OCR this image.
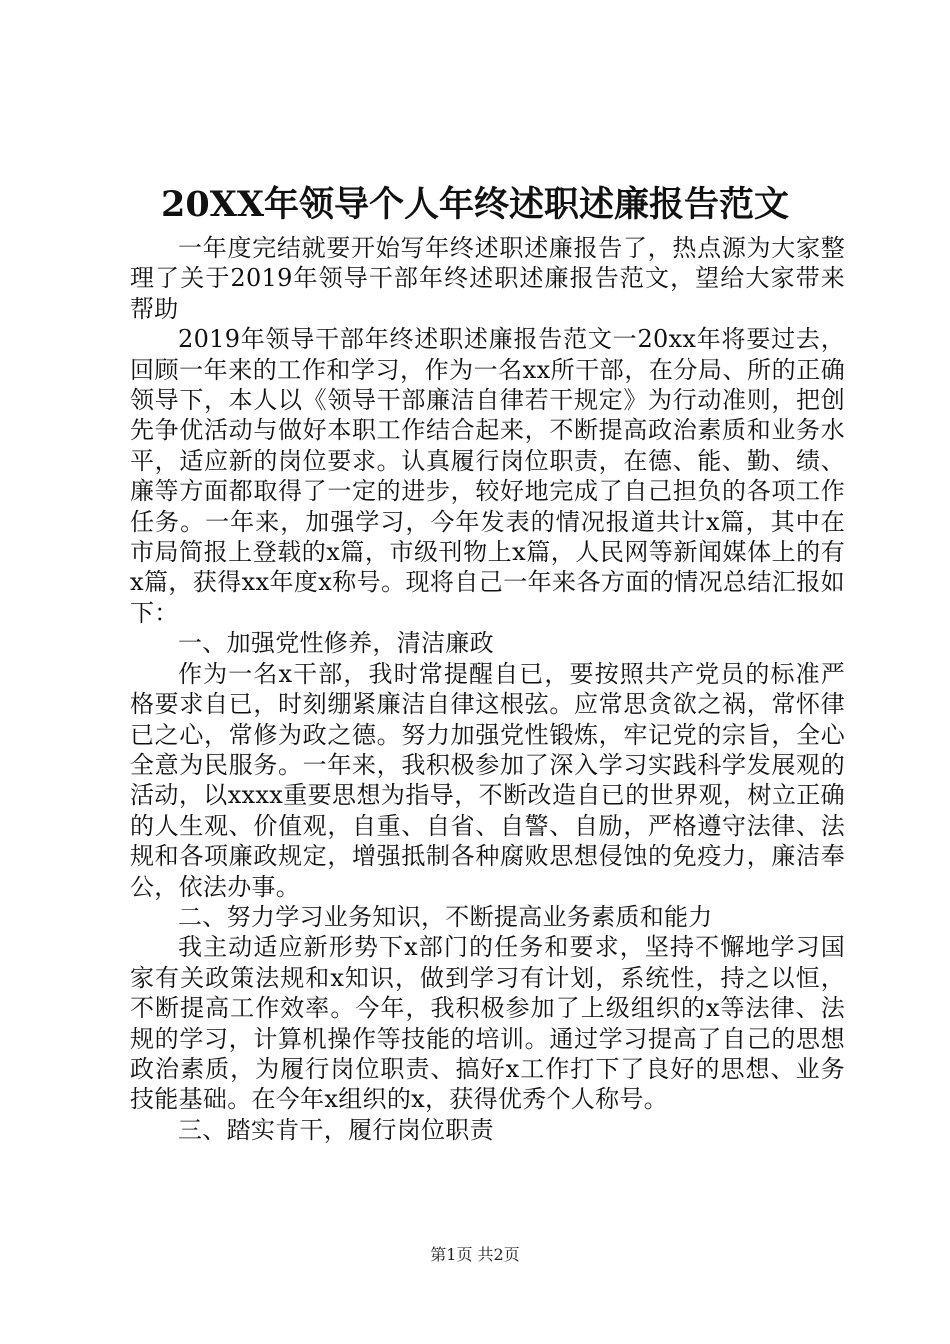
20XX年领导个人年终述职述廉报告范文

一年度完结就要开始写年终述职述廉报告了，热点源为大家整理了关于2019年领导干部年终述职述廉报告范文，望给大家带来帮助

2019年领导干部年终述职述廉报告范文一20xx年将要过去，回顾一年来的工作和学习，作为一名xx所干部，在分局、所的正确领导下，本人以《领导干部廉洁自律若干规定》为行动准则，把创先争优活动与做好本职工作结合起来，不断提高政治素质和业务水平，适应新的岗位要求。认真履行岗位职责，在德、能、勤、绩、廉等方面都取得了一定的进步，较好地完成了自己担负的各项工作任务。一年来，加强学习，今年发表的情况报道共计x篇，其中在市局简报上登载的x篇，市级刊物上x篇，人民网等新闻媒体上的有x篇，获得xx年度x称号。现将自己一年来各方面的情况总结汇报如下：

一、加强党性修养，清洁廉政

作为一名x干部，我时常提醒自已，要按照共产党员的标准严格要求自已，时刻绷紧廉洁自律这根弦。应常思贪欲之祸，常怀律已之心，常修为政之德。努力加强党性锻炼，牢记党的宗旨，全心全意为民服务。一年来，我积极参加了深入学习实践科学发展观的活动，以xxxx重要思想为指导，不断改造自已的世界观，树立正确的人生观、价值观，自重、自省、自警、自励，严格遵守法律、法规和各项廉政规定，增强抵制各种腐败思想侵蚀的免疫力，廉洁奉公，依法办事。

二、努力学习业务知识，不断提高业务素质和能力

我主动适应新形势下x部门的任务和要求，坚持不懈地学习国家有关政策法规和x知识，做到学习有计划，系统性，持之以恒，不断提高工作效率。今年，我积极参加了上级组织的x等法律、法规的学习，计算机操作等技能的培训。通过学习提高了自己的思想政治素质，为履行岗位职责、搞好x工作打下了良好的思想、业务技能基础。在今年x组织的x，获得优秀个人称号。

三、踏实肯干，履行岗位职责

第1页 共2页
